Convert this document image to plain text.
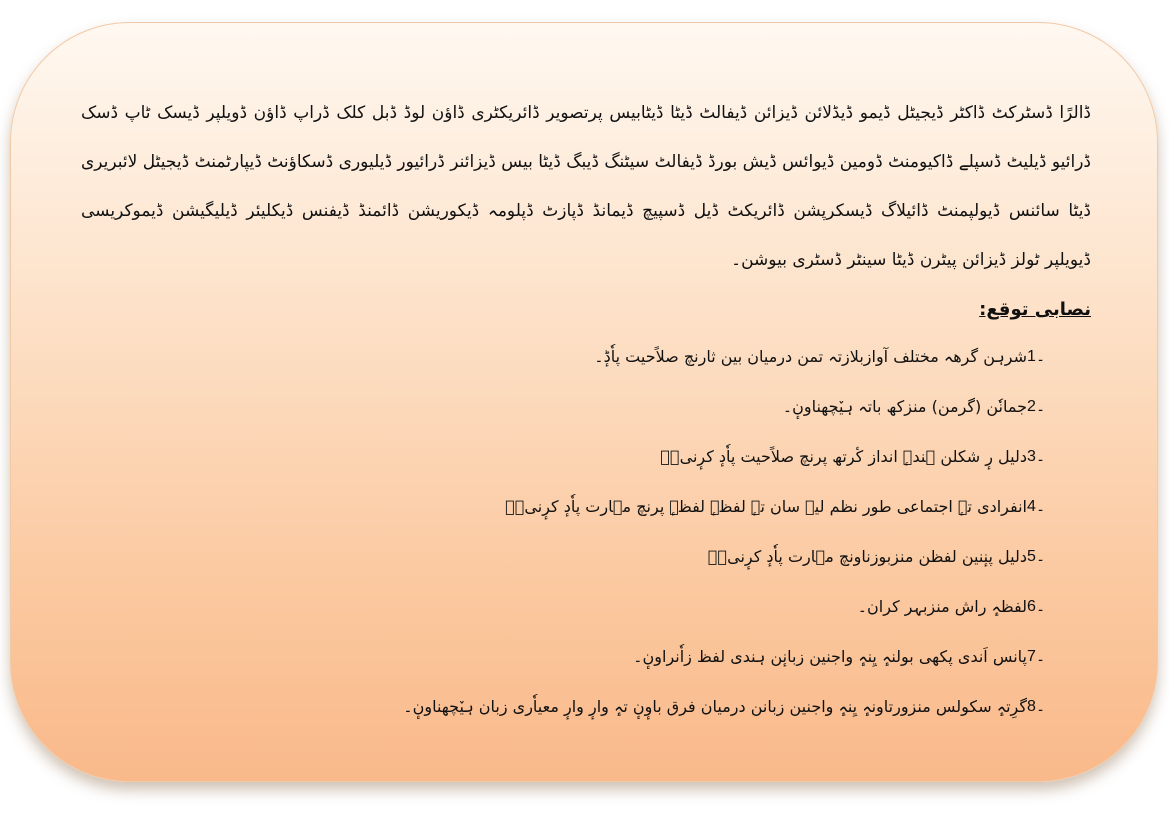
ڈالرًا ڈسٹرکٹ ڈاکٹر ڈیجیٹل ڈیمو ڈیڈلائن ڈیزائن ڈیفالٹ ڈیٹا ڈیٹابیس پرتصویر ڈائریکٹری ڈاؤن لوڈ ڈبل کلک ڈراپ ڈاؤن ڈویلپر ڈیسک ٹاپ ڈسک ڈرائیو ڈیلیٹ ڈسپلے ڈاکیومنٹ ڈومین ڈیوائس ڈیش بورڈ ڈیفالٹ سیٹنگ ڈیبگ ڈیٹا بیس ڈیزائنر ڈرائیور ڈیلیوری ڈسکاؤنٹ ڈیپارٹمنٹ ڈیجیٹل لائبریری ڈیٹا سائنس ڈیولپمنٹ ڈائیلاگ ڈیسکرپشن ڈائریکٹ ڈیل ڈسپیچ ڈیمانڈ ڈپازٹ ڈپلومہ ڈیکوریشن ڈائمنڈ ڈیفنس ڈیکلیئر ڈیلیگیشن ڈیموکریسی ڈیویلپر ٹولز ڈیزائن پیٹرن ڈیٹا سینٹر ڈسٹری بیوشن۔

نصابی توقع:
1۔
شرہن گرھہ مختلف آوازبلازتہ تمن درمیان بین ثارنچ صلاًحیت پاٗڈٕ۔
2۔
جمانٗن (گرمن) منزکھ باتہ ہیٚچھناونٕ۔
3۔
دلیل رٕ شکلن ہندہٕ انداز کٔرتھ پرنچ صلاًحیت پاٗدٕ کرٕنیٖ۔
4۔
انفرادی تہٕ اجتماعی طور نظم لیہ سان تہٕ لفظہٕ لفظہٕ پرنچ مہارت پاٗدٕ کرٕنیٖ۔
5۔
دلیل پنٕنین لفظن منزبوزناونچ مہارت پاٗدٕ کرٕنیٖ۔
6۔
لفظہٕ راش منزبہر کران۔
7۔
پانس اَندی پکھی بولنہٕ یِنہٕ واجنین زبانٕن ہندی لفظ زاٗنراونٕ۔
8۔
گرِتہٕ سکولس منزورتاونہٕ یِنہٕ واجنین زبانن درمیان فرق باوٕنٕ تہٕ وارٕ وارٕ معیاٗری زبان ہیٚچھناونٕ۔
